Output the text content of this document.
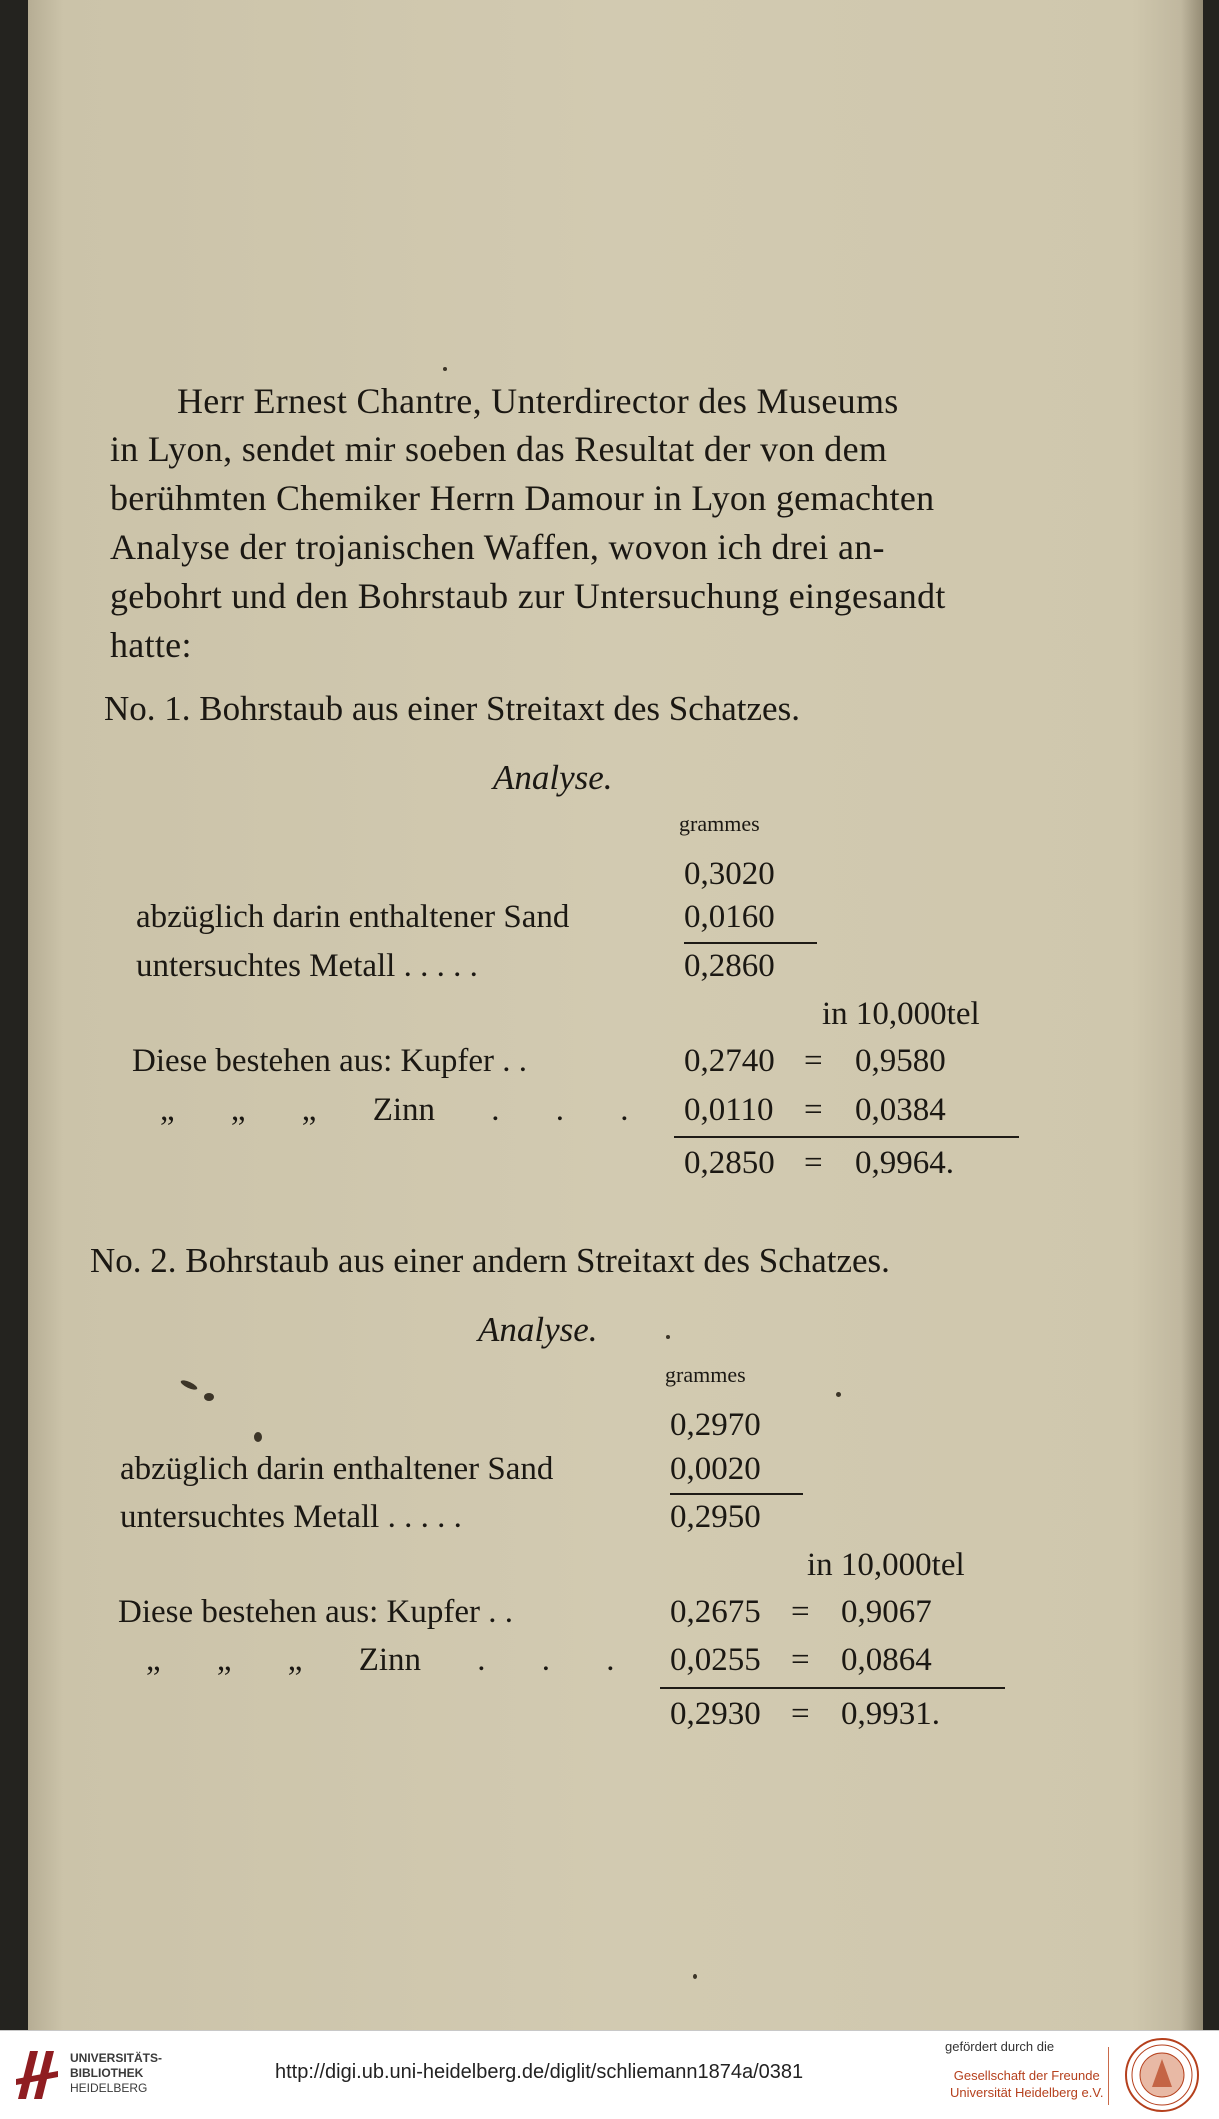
Herr Ernest Chantre, Unterdirector des Museums
in Lyon, sendet mir soeben das Resultat der von dem
berühmten Chemiker Herrn Damour in Lyon gemachten
Analyse der trojanischen Waffen, wovon ich drei an-
gebohrt und den Bohrstaub zur Untersuchung eingesandt
hatte:
No. 1. Bohrstaub aus einer Streitaxt des Schatzes.
Analyse.
grammes
0,3020
abzüglich darin enthaltener Sand	0,0160
untersuchtes Metall . . . . .	0,2860
in 10,000tel
Diese bestehen aus: Kupfer . .	0,2740 = 0,9580
„ „ „ Zinn . . . 0,0110 = 0,0384
0,2850 = 0,9964.
No. 2. Bohrstaub aus einer andern Streitaxt des Schatzes.
Analyse.
grammes
0,2970
abzüglich darin enthaltener Sand	0,0020
untersuchtes Metall . . . . .	0,2950
in 10,000tel
Diese bestehen aus: Kupfer . .	0,2675 = 0,9067
„ „ „ Zinn . . . 0,0255 = 0,0864
0,2930 = 0,9931.
UNIVERSITÄTS-
BIBLIOTHEK
HEIDELBERG
http://digi.ub.uni-heidelberg.de/diglit/schliemann1874a/0381
gefördert durch die
Gesellschaft der Freunde
Universität Heidelberg e.V.
